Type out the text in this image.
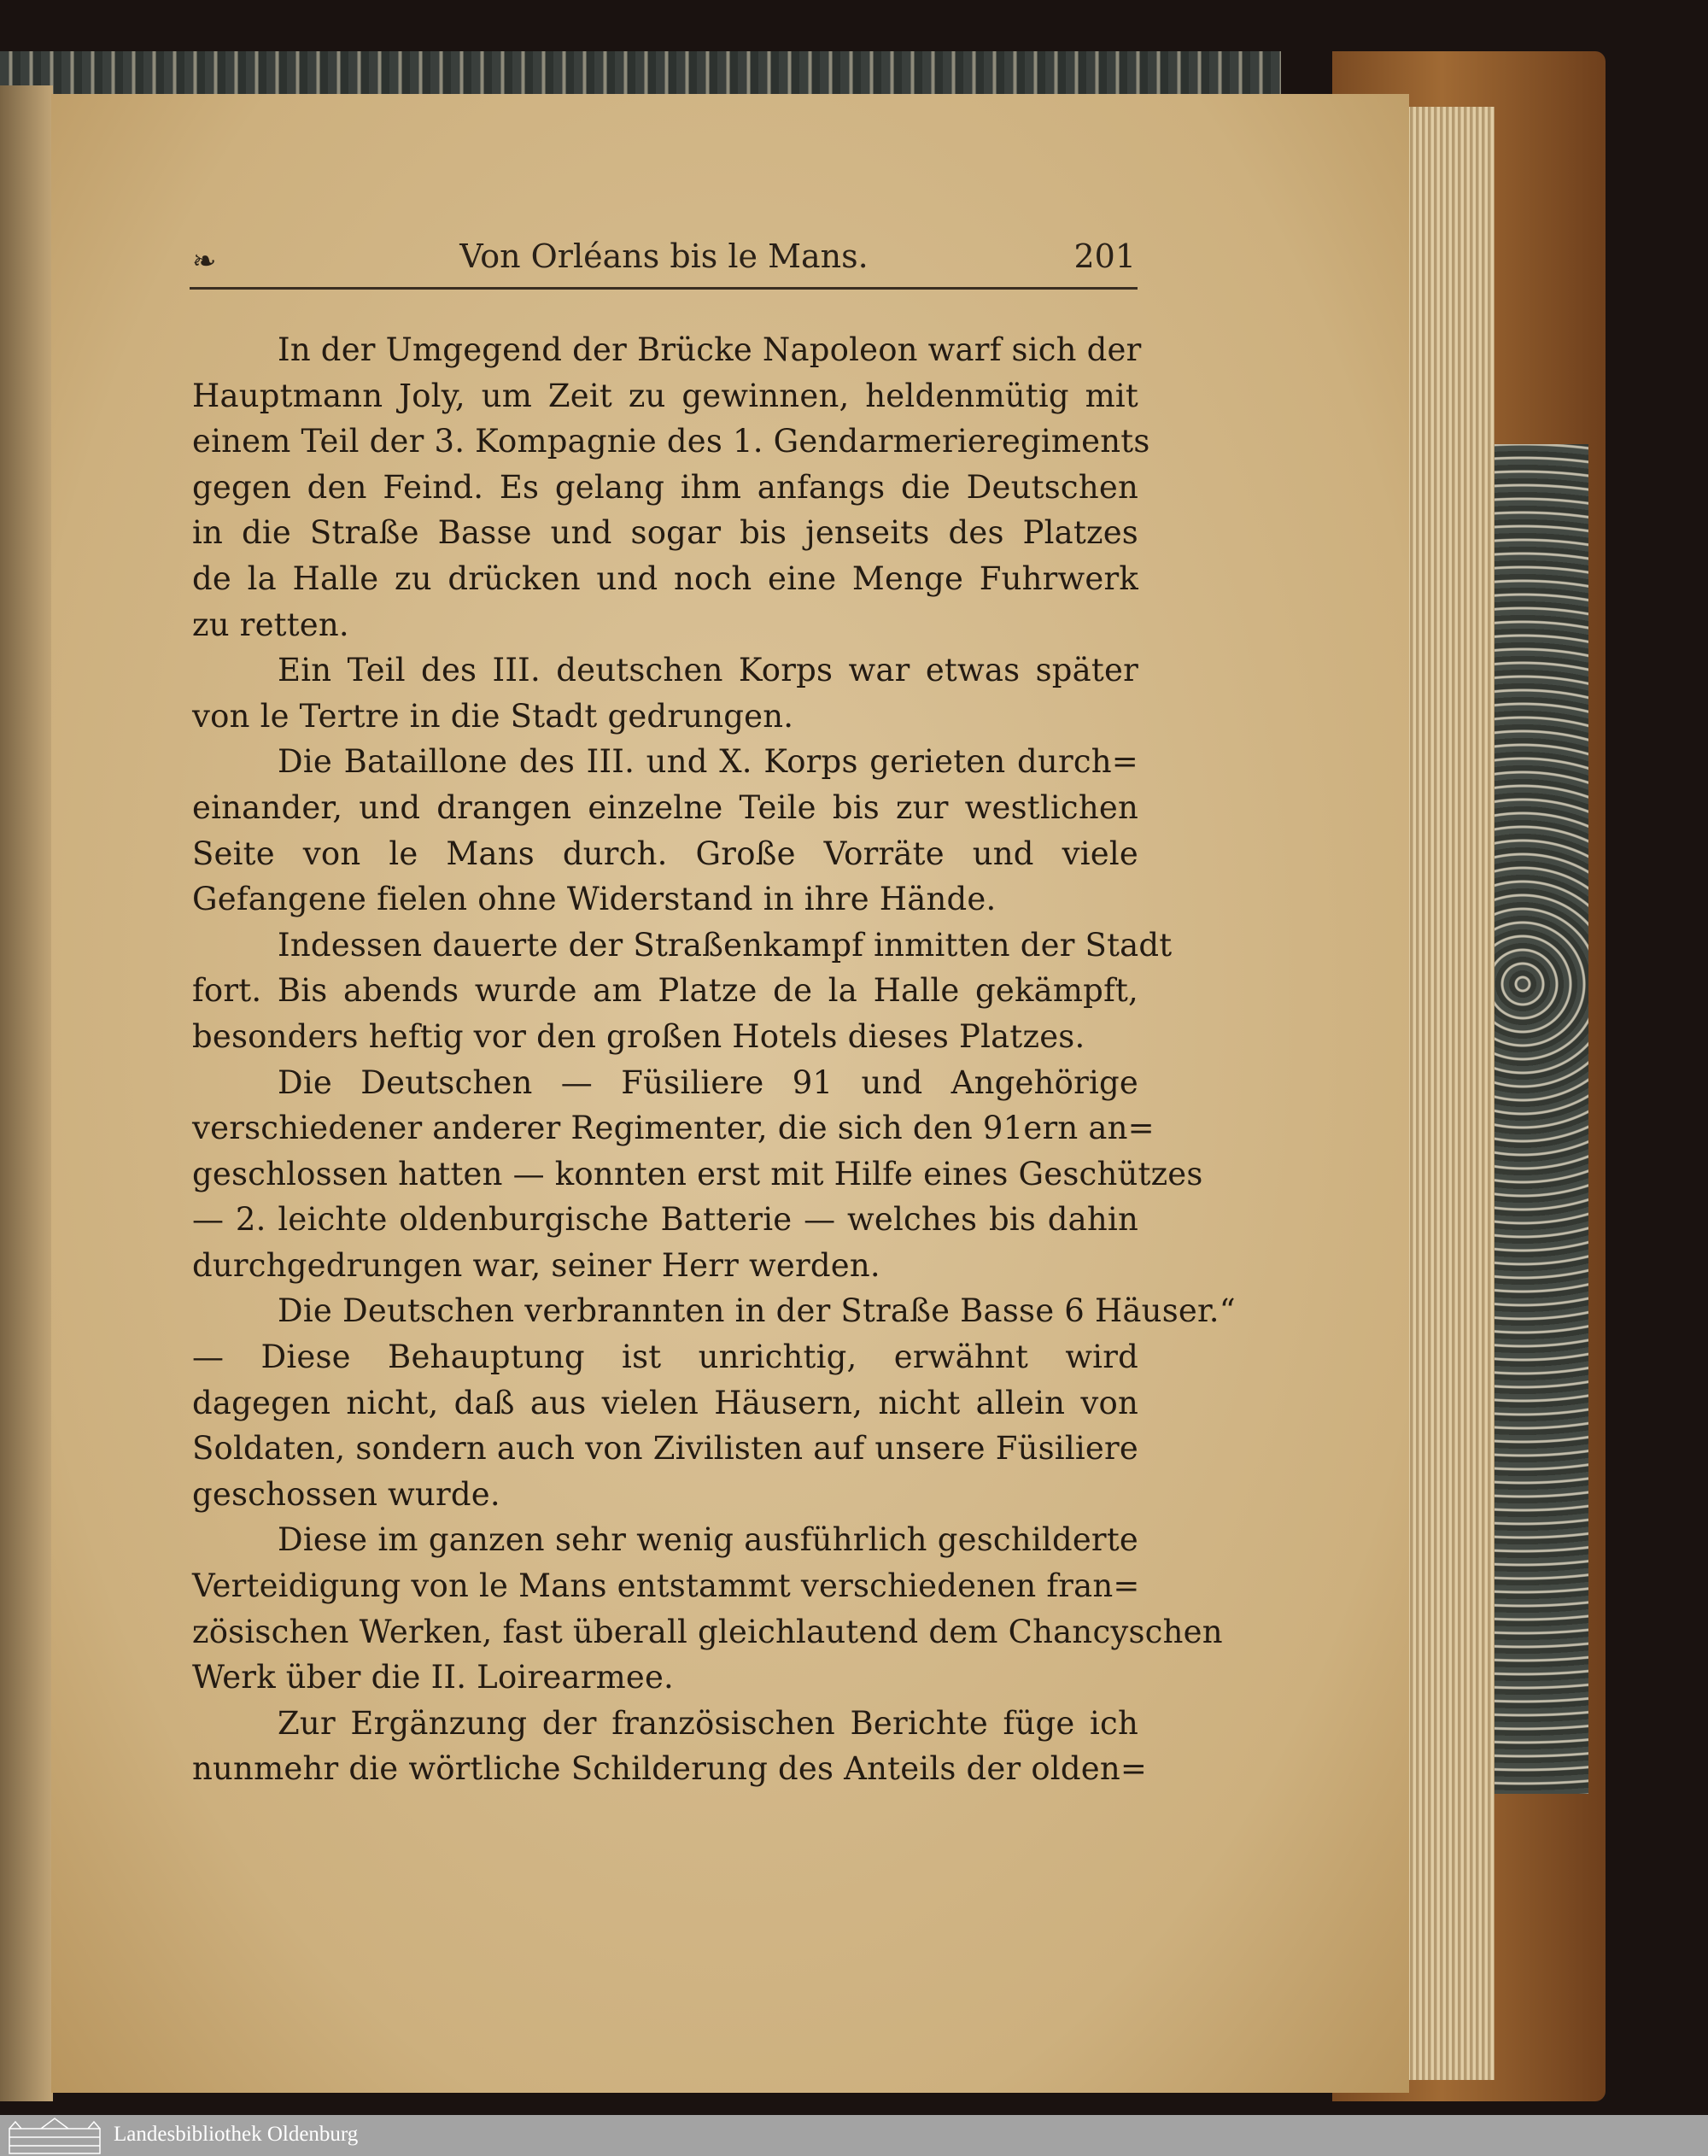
❧	Von Orléans bis le Mans.	201
In der Umgegend der Brücke Napoleon warf sich der
Hauptmann Joly, um Zeit zu gewinnen, heldenmütig mit
einem Teil der 3. Kompagnie des 1. Gendarmerieregiments
gegen den Feind. Es gelang ihm anfangs die Deutschen
in die Straße Basse und sogar bis jenseits des Platzes
de la Halle zu drücken und noch eine Menge Fuhrwerk
zu retten.
Ein Teil des III. deutschen Korps war etwas später
von le Tertre in die Stadt gedrungen.
Die Bataillone des III. und X. Korps gerieten durch=
einander, und drangen einzelne Teile bis zur westlichen
Seite von le Mans durch. Große Vorräte und viele
Gefangene fielen ohne Widerstand in ihre Hände.
Indessen dauerte der Straßenkampf inmitten der Stadt
fort. Bis abends wurde am Platze de la Halle gekämpft,
besonders heftig vor den großen Hotels dieses Platzes.
Die Deutschen — Füsiliere 91 und Angehörige
verschiedener anderer Regimenter, die sich den 91ern an=
geschlossen hatten — konnten erst mit Hilfe eines Geschützes
— 2. leichte oldenburgische Batterie — welches bis dahin
durchgedrungen war, seiner Herr werden.
Die Deutschen verbrannten in der Straße Basse 6 Häuser.“
— Diese Behauptung ist unrichtig, erwähnt wird
dagegen nicht, daß aus vielen Häusern, nicht allein von
Soldaten, sondern auch von Zivilisten auf unsere Füsiliere
geschossen wurde.
Diese im ganzen sehr wenig ausführlich geschilderte
Verteidigung von le Mans entstammt verschiedenen fran=
zösischen Werken, fast überall gleichlautend dem Chancyschen
Werk über die II. Loirearmee.
Zur Ergänzung der französischen Berichte füge ich
nunmehr die wörtliche Schilderung des Anteils der olden=
Landesbibliothek Oldenburg
